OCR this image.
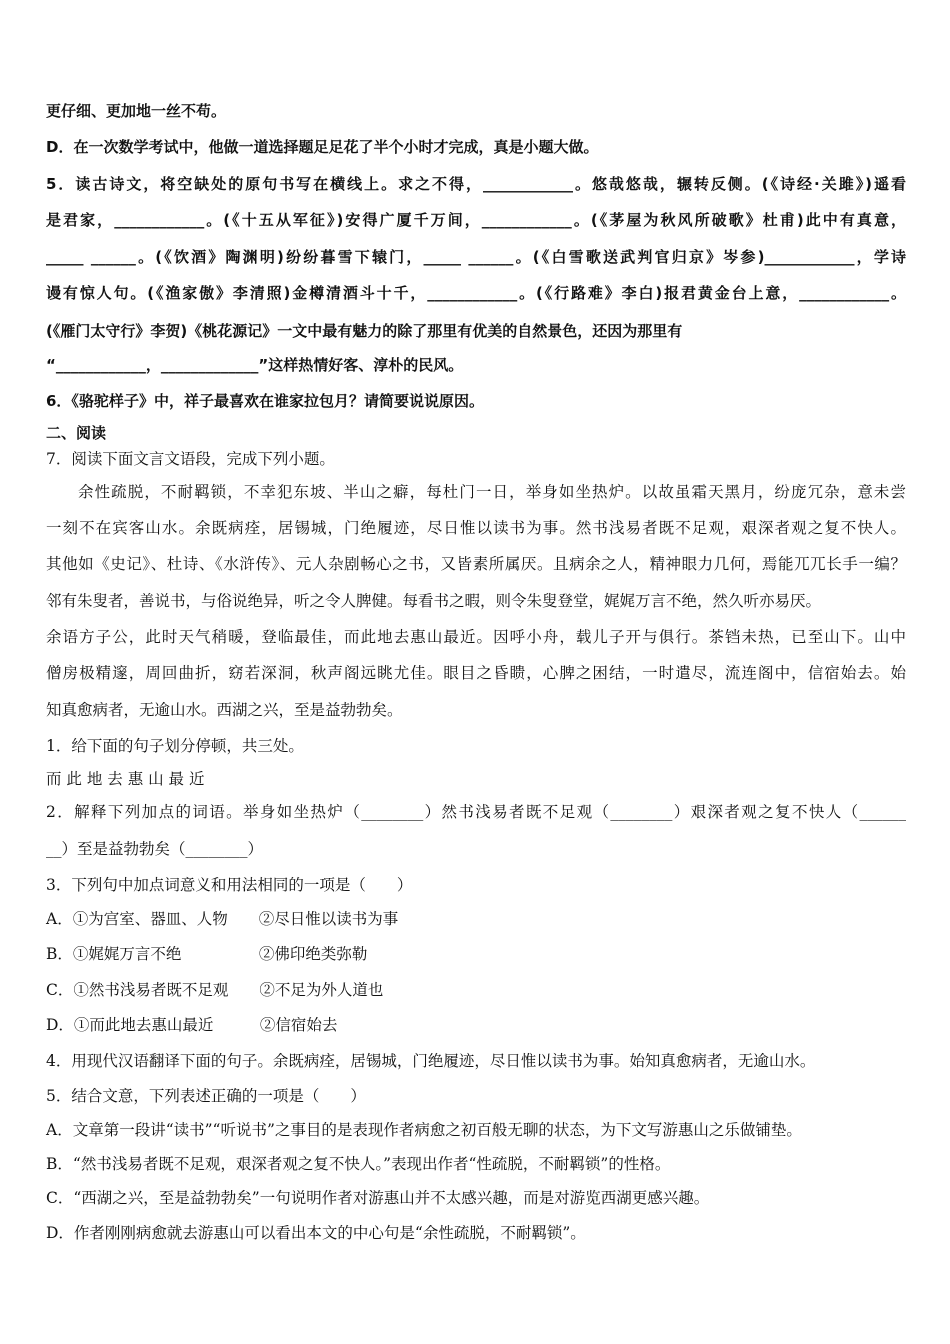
更仔细、更加地一丝不苟。
D．在一次数学考试中，他做一道选择题足足花了半个小时才完成，真是小题大做。
5．读古诗文，将空缺处的原句书写在横线上。求之不得，____________。悠哉悠哉，辗转反侧。(《诗经·关雎》)遥看
是君家，____________。(《十五从军征》)安得广厦千万间，____________。(《茅屋为秋风所破歌》杜甫)此中有真意，
_____ ______。(《饮酒》陶渊明)纷纷暮雪下辕门，_____ ______。(《白雪歌送武判官归京》岑参)____________，学诗
谩有惊人句。(《渔家傲》李清照)金樽清酒斗十千，____________。(《行路难》李白)报君黄金台上意，____________。
(《雁门太守行》李贺)《桃花源记》一文中最有魅力的除了那里有优美的自然景色，还因为那里有
“____________，_____________”这样热情好客、淳朴的民风。
6．《骆驼样子》中，祥子最喜欢在谁家拉包月？请简要说说原因。
二、阅读
7．阅读下面文言文语段，完成下列小题。
余性疏脱，不耐羁锁，不幸犯东坡、半山之癖，每杜门一日，举身如坐热炉。以故虽霜天黑月，纷庞冗杂，意未尝
一刻不在宾客山水。余既病痊，居锡城，门绝履迹，尽日惟以读书为事。然书浅易者既不足观，艰深者观之复不快人。
其他如《史记》、杜诗、《水浒传》、元人杂剧畅心之书，又皆素所属厌。且病余之人，精神眼力几何，焉能兀兀长手一编？
邻有朱叟者，善说书，与俗说绝异，听之令人脾健。每看书之暇，则令朱叟登堂，娓娓万言不绝，然久听亦易厌。
余语方子公，此时天气稍暖，登临最佳，而此地去惠山最近。因呼小舟，载儿子开与俱行。茶铛未热，已至山下。山中
僧房极精邃，周回曲折，窈若深洞，秋声阁远眺尤佳。眼目之昏瞆，心脾之困结，一时遣尽，流连阁中，信宿始去。始
知真愈病者，无逾山水。西湖之兴，至是益勃勃矣。
1．给下面的句子划分停顿，共三处。
而 此 地 去 惠 山 最 近
2．解释下列加点的词语。举身如坐热炉（________）然书浅易者既不足观（________）艰深者观之复不快人（______
__）至是益勃勃矣（________）
3．下列句中加点词意义和用法相同的一项是（　　）
A．①为宫室、器皿、人物　　②尽日惟以读书为事
B．①娓娓万言不绝　　　　　②佛印绝类弥勒
C．①然书浅易者既不足观　　②不足为外人道也
D．①而此地去惠山最近　　　②信宿始去
4．用现代汉语翻译下面的句子。余既病痊，居锡城，门绝履迹，尽日惟以读书为事。始知真愈病者，无逾山水。
5．结合文意，下列表述正确的一项是（　　）
A．文章第一段讲“读书”“听说书”之事目的是表现作者病愈之初百般无聊的状态，为下文写游惠山之乐做铺垫。
B．“然书浅易者既不足观，艰深者观之复不快人。”表现出作者“性疏脱，不耐羁锁”的性格。
C．“西湖之兴，至是益勃勃矣”一句说明作者对游惠山并不太感兴趣，而是对游览西湖更感兴趣。
D．作者刚刚病愈就去游惠山可以看出本文的中心句是“余性疏脱，不耐羁锁”。
